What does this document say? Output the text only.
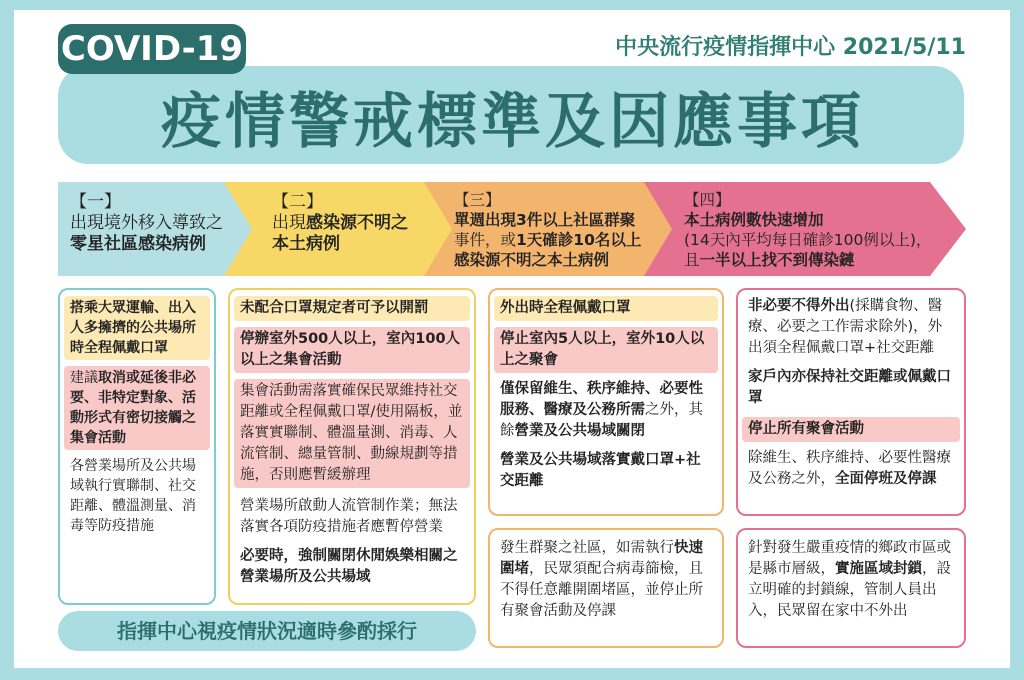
COVID-19	中央流行疫情指揮中心 2021/5/11
疫情警戒標準及因應事項
【一】
出現境外移入導致之
零星社區感染病例
【二】
出現感染源不明之
本土病例
【三】
單週出現3件以上社區群聚
事件，或1天確診10名以上
感染源不明之本土病例
【四】
本土病例數快速增加
(14天內平均每日確診100例以上)，
且一半以上找不到傳染鏈
搭乘大眾運輸、出入人多擁擠的公共場所時全程佩戴口罩
建議取消或延後非必要、非特定對象、活動形式有密切接觸之集會活動
各營業場所及公共場域執行實聯制、社交距離、體溫測量、消毒等防疫措施
未配合口罩規定者可予以開罰
停辦室外500人以上，室內100人以上之集會活動
集會活動需落實確保民眾維持社交距離或全程佩戴口罩/使用隔板，並落實實聯制、體溫量測、消毒、人流管制、總量管制、動線規劃等措施，否則應暫緩辦理
營業場所啟動人流管制作業；無法落實各項防疫措施者應暫停營業
必要時，強制關閉休閒娛樂相關之營業場所及公共場域
外出時全程佩戴口罩
停止室內5人以上，室外10人以上之聚會
僅保留維生、秩序維持、必要性服務、醫療及公務所需之外，其餘營業及公共場域關閉
營業及公共場域落實戴口罩+社交距離
發生群聚之社區，如需執行快速圍堵，民眾須配合病毒篩檢，且不得任意離開圍堵區，並停止所有聚會活動及停課
非必要不得外出(採購食物、醫療、必要之工作需求除外)，外出須全程佩戴口罩+社交距離
家戶內亦保持社交距離或佩戴口罩
停止所有聚會活動
除維生、秩序維持、必要性醫療及公務之外，全面停班及停課
針對發生嚴重疫情的鄉政市區或是縣市層級，實施區域封鎖，設立明確的封鎖線，管制人員出入，民眾留在家中不外出
指揮中心視疫情狀況適時參酌採行
